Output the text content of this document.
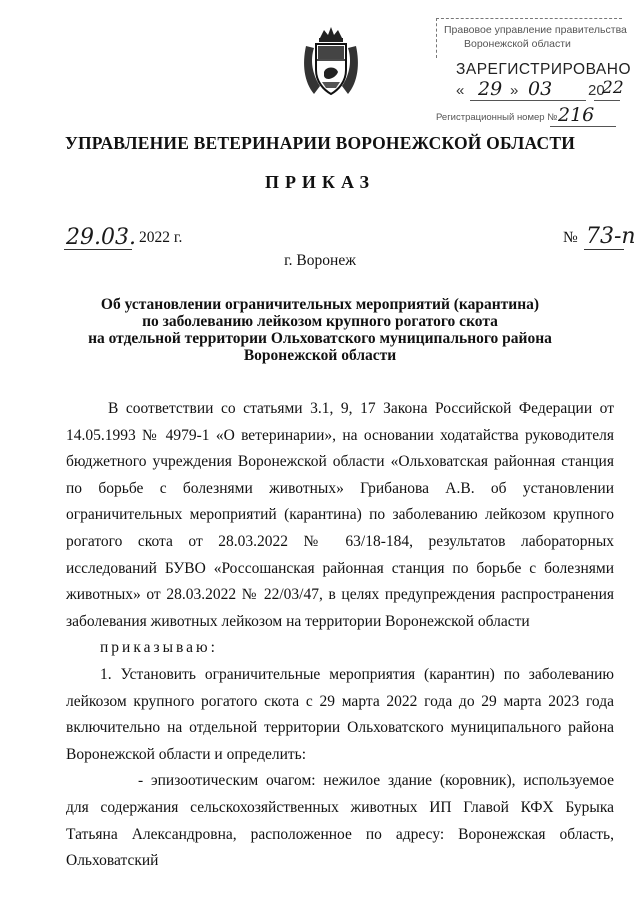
Правовое управление правительства
Воронежской области
ЗАРЕГИСТРИРОВАНО
« 29 » 03 20
22
Регистрационный номер № 216
УПРАВЛЕНИЕ ВЕТЕРИНАРИИ ВОРОНЕЖСКОЙ ОБЛАСТИ
ПРИКАЗ
29.03. 2022 г.	№ 73-п
г. Воронеж
Об установлении ограничительных мероприятий (карантина)
по заболеванию лейкозом крупного рогатого скота
на отдельной территории Ольховатского муниципального района
Воронежской области

В соответствии со статьями 3.1, 9, 17 Закона Российской Федерации от 14.05.1993 № 4979-1 «О ветеринарии», на основании ходатайства руководителя бюджетного учреждения Воронежской области «Ольховатская районная станция по борьбе с болезнями животных» Грибанова А.В. об установлении ограничительных мероприятий (карантина) по заболеванию лейкозом крупного рогатого скота от 28.03.2022 № 63/18-184, результатов лабораторных исследований БУВО «Россошанская районная станция по борьбе с болезнями животных» от 28.03.2022 № 22/03/47, в целях предупреждения распространения заболевания животных лейкозом на территории Воронежской области

приказываю:

1. Установить ограничительные мероприятия (карантин) по заболеванию лейкозом крупного рогатого скота с 29 марта 2022 года до 29 марта 2023 года включительно на отдельной территории Ольховатского муниципального района Воронежской области и определить:

- эпизоотическим очагом: нежилое здание (коровник), используемое для содержания сельскохозяйственных животных ИП Главой КФХ Бурыка Татьяна Александровна, расположенное по адресу: Воронежская область, Ольховатский
